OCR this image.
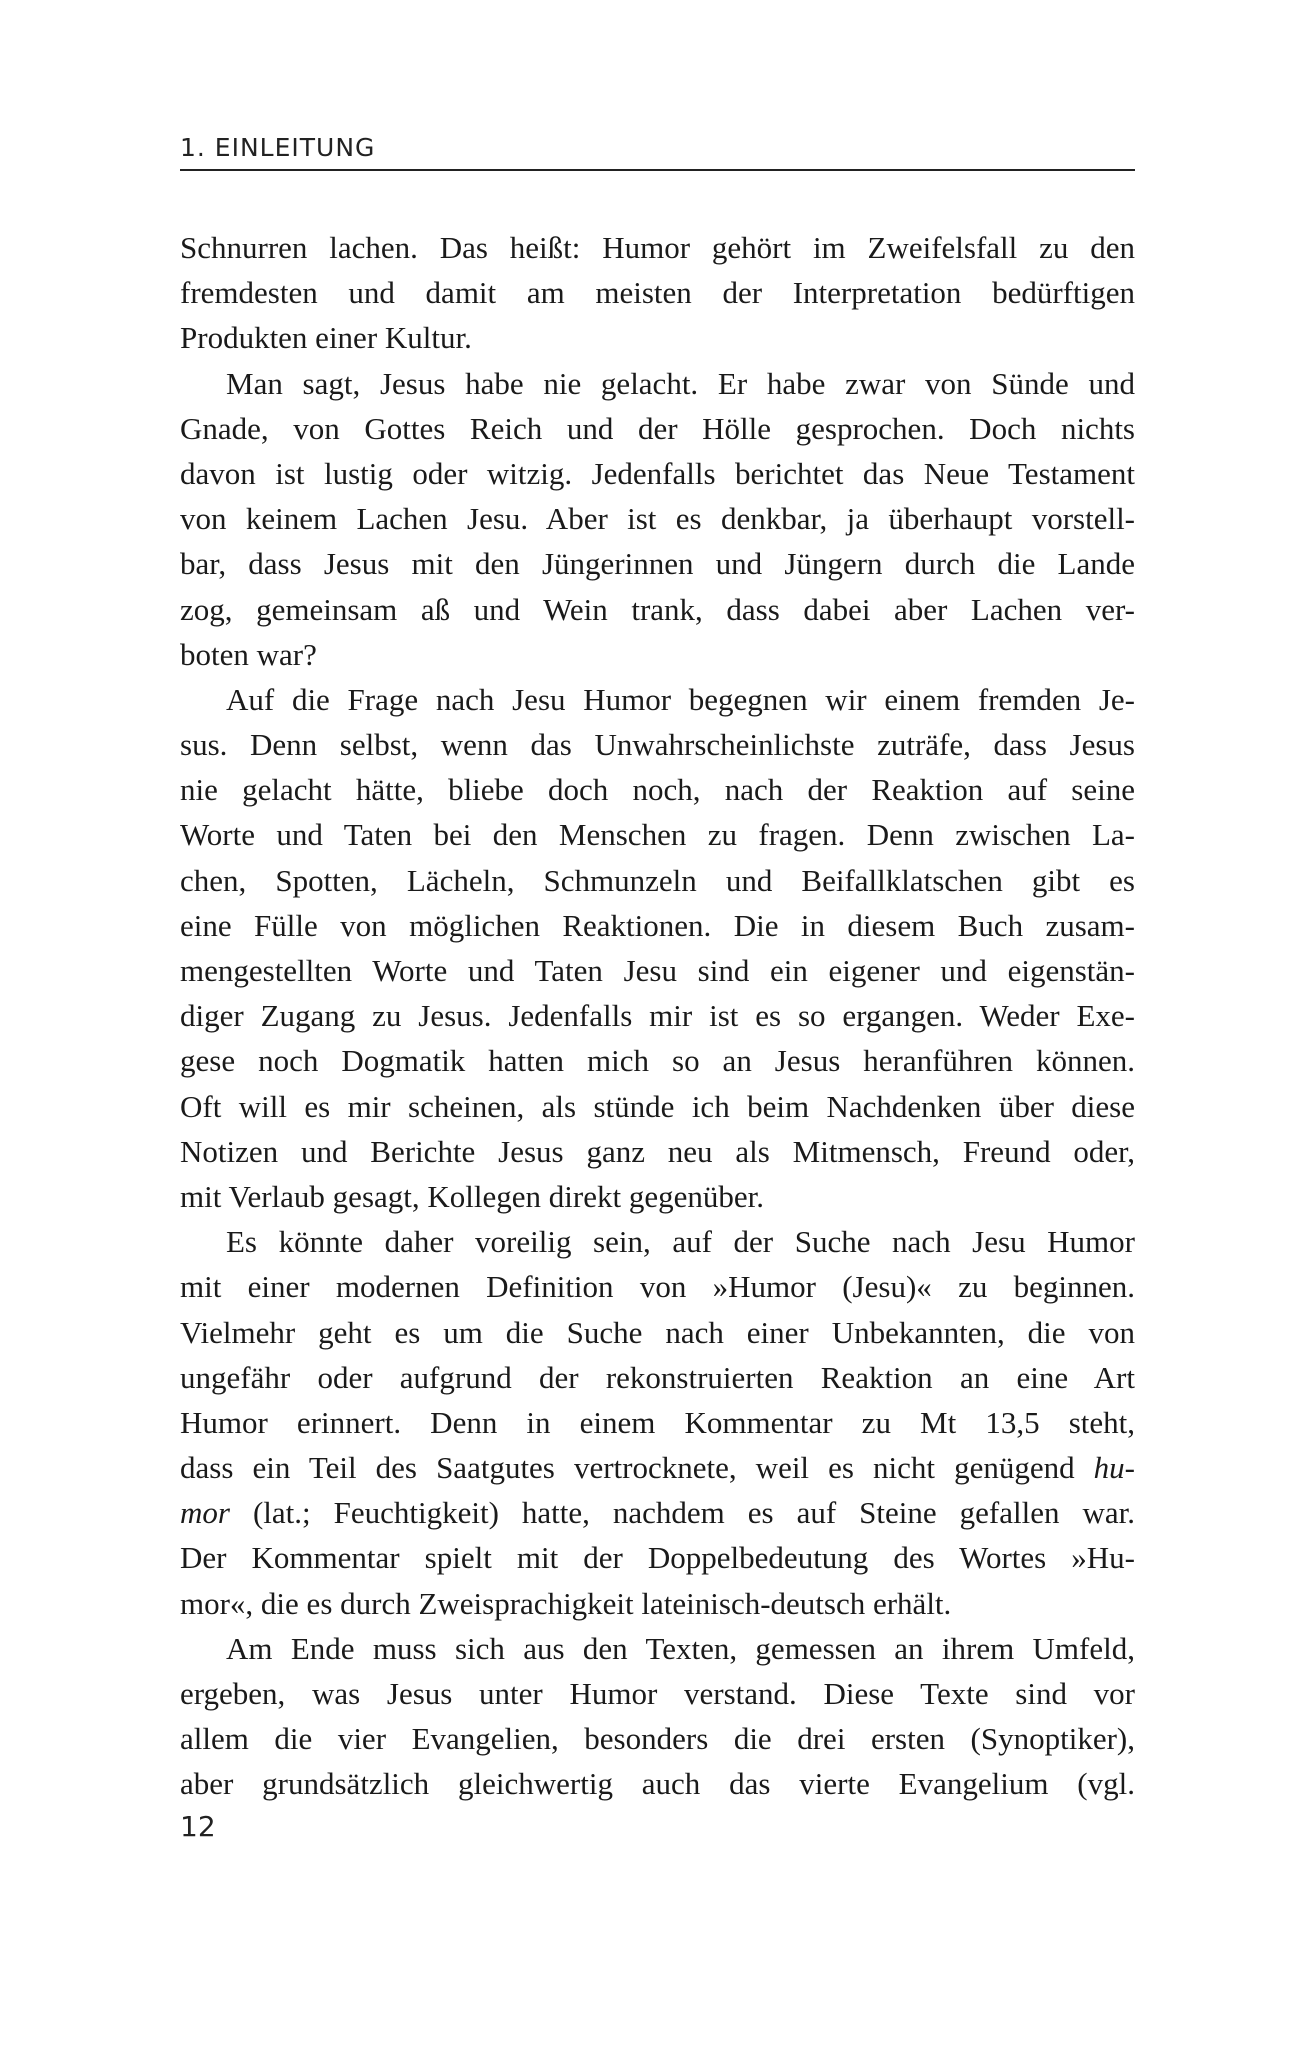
1. EINLEITUNG
Schnurren lachen. Das heißt: Humor gehört im Zweifelsfall zu den
fremdesten und damit am meisten der Interpretation bedürftigen
Produkten einer Kultur.
Man sagt, Jesus habe nie gelacht. Er habe zwar von Sünde und
Gnade, von Gottes Reich und der Hölle gesprochen. Doch nichts
davon ist lustig oder witzig. Jedenfalls berichtet das Neue Testament
von keinem Lachen Jesu. Aber ist es denkbar, ja überhaupt vorstell-
bar, dass Jesus mit den Jüngerinnen und Jüngern durch die Lande
zog, gemeinsam aß und Wein trank, dass dabei aber Lachen ver-
boten war?
Auf die Frage nach Jesu Humor begegnen wir einem fremden Je-
sus. Denn selbst, wenn das Unwahrscheinlichste zuträfe, dass Jesus
nie gelacht hätte, bliebe doch noch, nach der Reaktion auf seine
Worte und Taten bei den Menschen zu fragen. Denn zwischen La-
chen, Spotten, Lächeln, Schmunzeln und Beifallklatschen gibt es
eine Fülle von möglichen Reaktionen. Die in diesem Buch zusam-
mengestellten Worte und Taten Jesu sind ein eigener und eigenstän-
diger Zugang zu Jesus. Jedenfalls mir ist es so ergangen. Weder Exe-
gese noch Dogmatik hatten mich so an Jesus heranführen können.
Oft will es mir scheinen, als stünde ich beim Nachdenken über diese
Notizen und Berichte Jesus ganz neu als Mitmensch, Freund oder,
mit Verlaub gesagt, Kollegen direkt gegenüber.
Es könnte daher voreilig sein, auf der Suche nach Jesu Humor
mit einer modernen Definition von »Humor (Jesu)« zu beginnen.
Vielmehr geht es um die Suche nach einer Unbekannten, die von
ungefähr oder aufgrund der rekonstruierten Reaktion an eine Art
Humor erinnert. Denn in einem Kommentar zu Mt 13,5 steht,
dass ein Teil des Saatgutes vertrocknete, weil es nicht genügend hu-
mor (lat.; Feuchtigkeit) hatte, nachdem es auf Steine gefallen war.
Der Kommentar spielt mit der Doppelbedeutung des Wortes »Hu-
mor«, die es durch Zweisprachigkeit lateinisch-deutsch erhält.
Am Ende muss sich aus den Texten, gemessen an ihrem Umfeld,
ergeben, was Jesus unter Humor verstand. Diese Texte sind vor
allem die vier Evangelien, besonders die drei ersten (Synoptiker),
aber grundsätzlich gleichwertig auch das vierte Evangelium (vgl.
12
